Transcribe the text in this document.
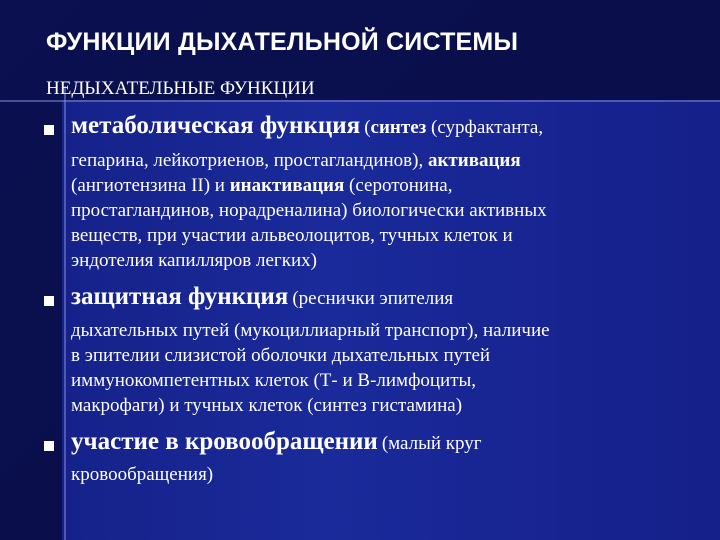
ФУНКЦИИ ДЫХАТЕЛЬНОЙ СИСТЕМЫ
НЕДЫХАТЕЛЬНЫЕ ФУНКЦИИ
метаболическая функция (синтез (сурфактанта,
гепарина, лейкотриенов, простагландинов), активация
(ангиотензина II) и инактивация (серотонина,
простагландинов, норадреналина) биологически активных
веществ, при участии альвеолоцитов, тучных клеток и
эндотелия капилляров легких)
защитная функция (реснички эпителия
дыхательных путей (мукоциллиарный транспорт), наличие
в эпителии слизистой оболочки дыхательных путей
иммунокомпетентных клеток (Т- и В-лимфоциты,
макрофаги) и тучных клеток (синтез гистамина)
участие в кровообращении (малый круг
кровообращения)
